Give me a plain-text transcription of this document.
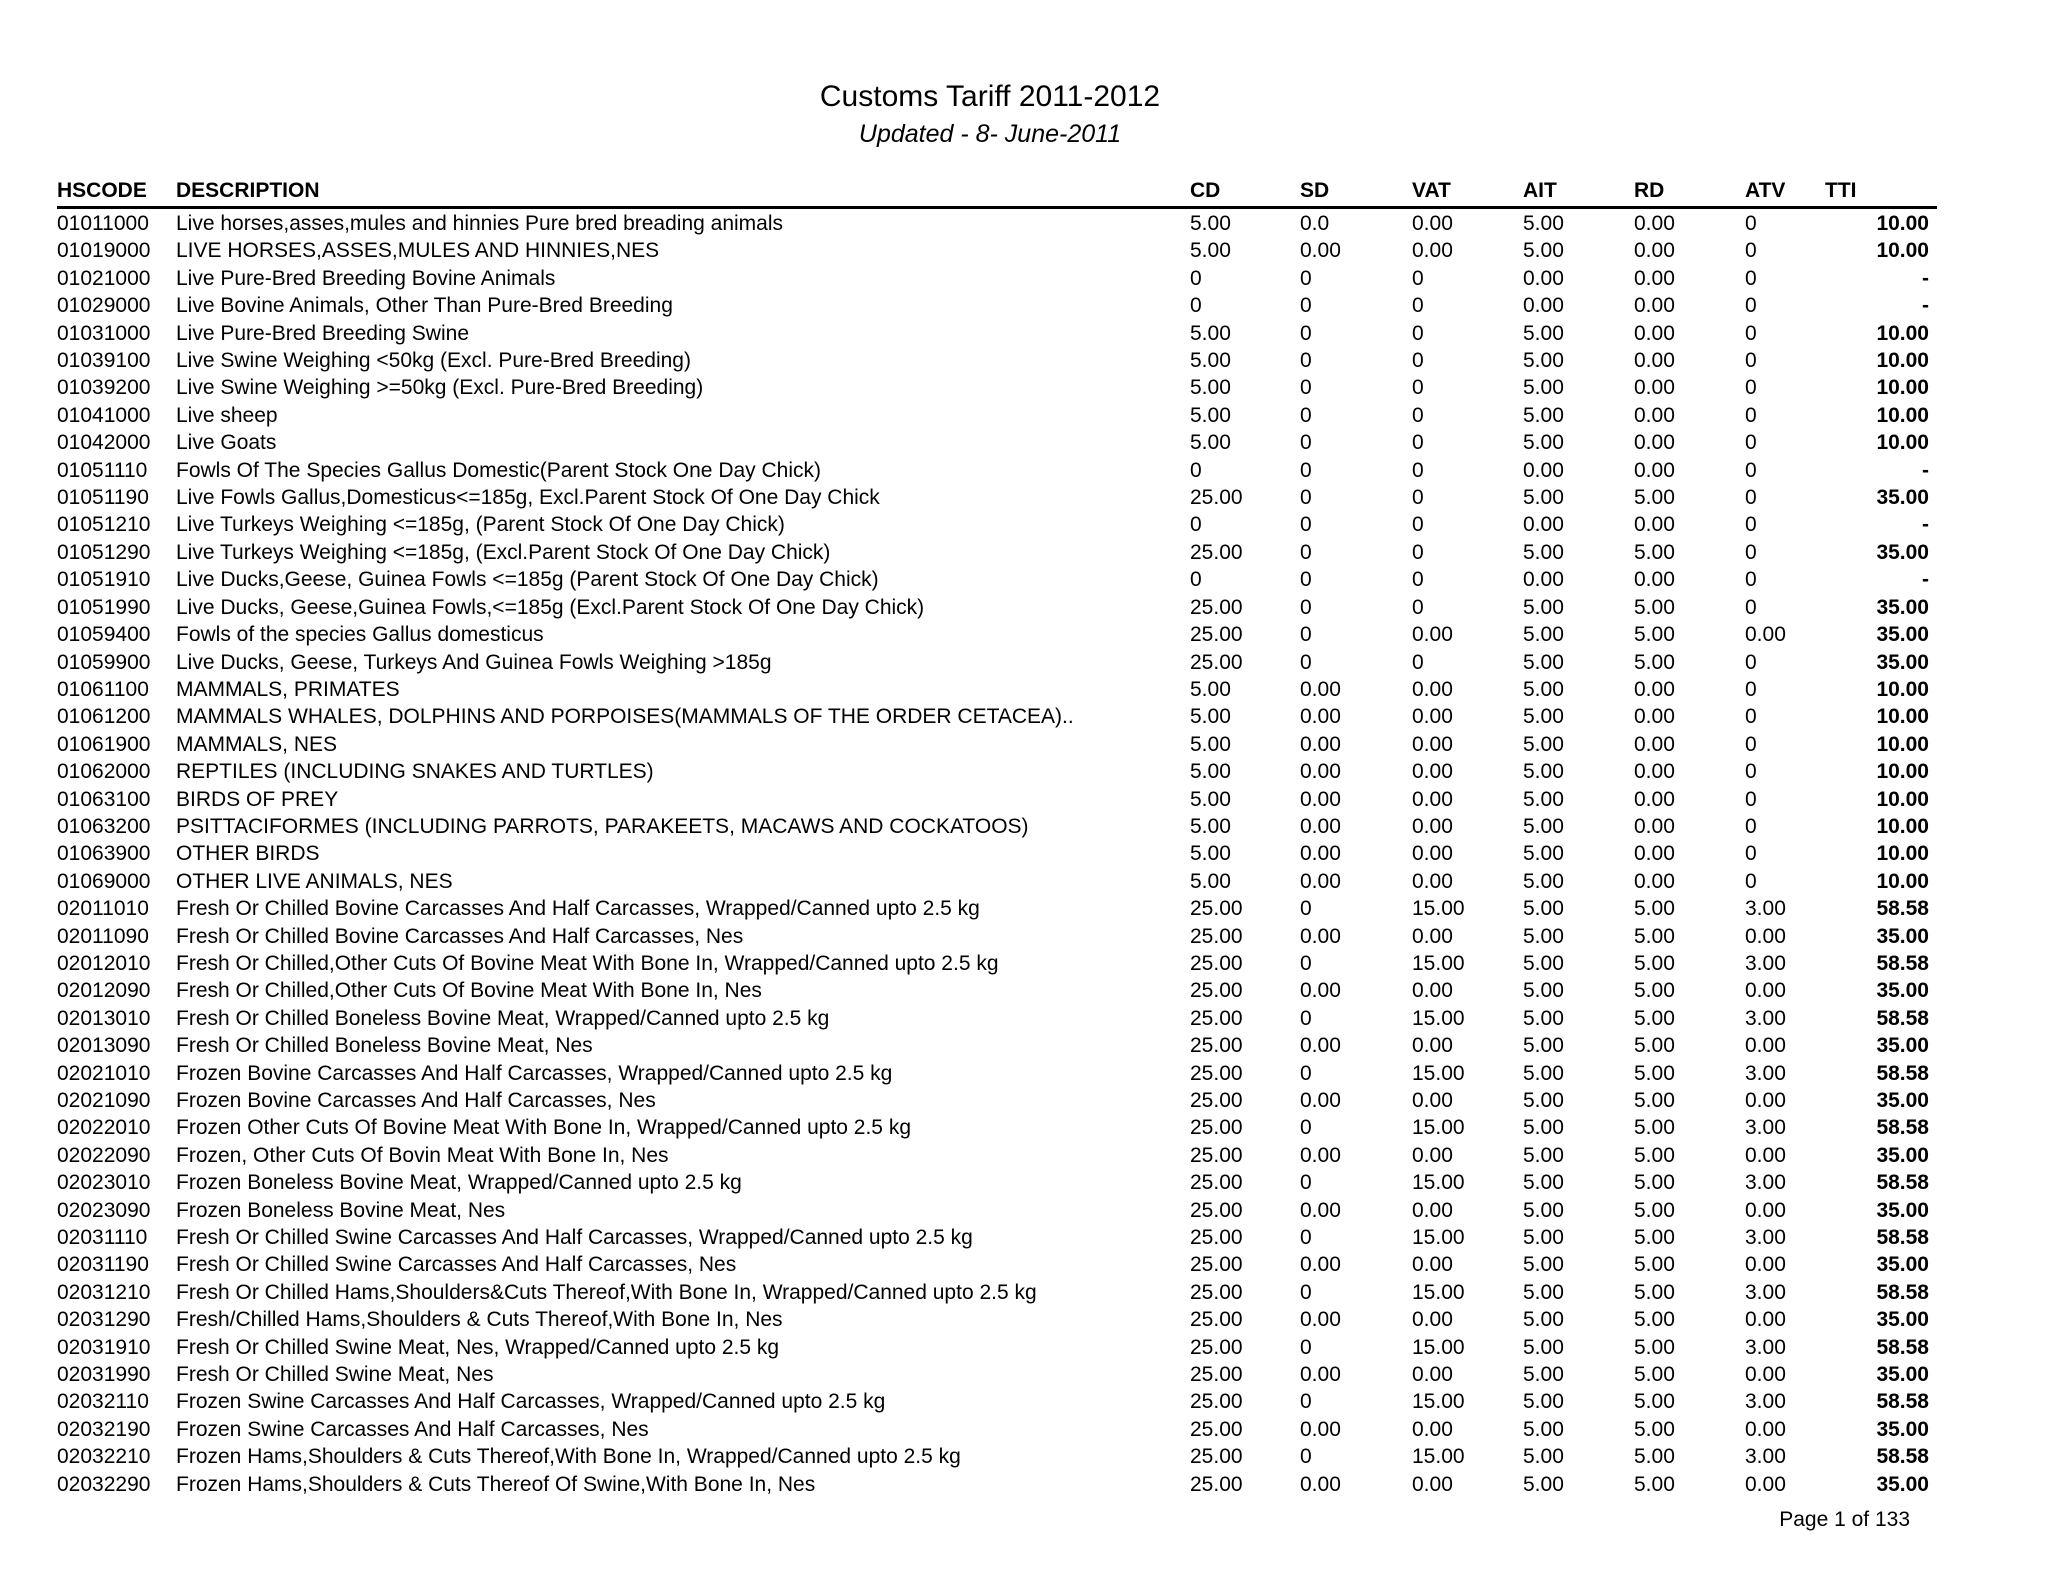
Customs Tariff 2011-2012
Updated - 8- June-2011
HSCODE DESCRIPTION	CD	SD	VAT	AIT	RD	ATV TTI
01011000 Live horses,asses,mules and hinnies Pure bred breading animals	5.00	0.0	0.00	5.00	0.00	0	10.00
01019000 LIVE HORSES,ASSES,MULES AND HINNIES,NES	5.00	0.00	0.00	5.00	0.00	0	10.00
01021000 Live Pure-Bred Breeding Bovine Animals	0	0	0	0.00	0.00	0	-
01029000 Live Bovine Animals, Other Than Pure-Bred Breeding	0	0	0	0.00	0.00	0	-
01031000 Live Pure-Bred Breeding Swine	5.00	0	0	5.00	0.00	0	10.00
01039100 Live Swine Weighing <50kg (Excl. Pure-Bred Breeding)	5.00	0	0	5.00	0.00	0	10.00
01039200 Live Swine Weighing >=50kg (Excl. Pure-Bred Breeding)	5.00	0	0	5.00	0.00	0	10.00
01041000 Live sheep	5.00	0	0	5.00	0.00	0	10.00
01042000 Live Goats	5.00	0	0	5.00	0.00	0	10.00
01051110 Fowls Of The Species Gallus Domestic(Parent Stock One Day Chick)	0	0	0	0.00	0.00	0	-
01051190 Live Fowls Gallus,Domesticus<=185g, Excl.Parent Stock Of One Day Chick	25.00	0	0	5.00	5.00	0	35.00
01051210 Live Turkeys Weighing <=185g, (Parent Stock Of One Day Chick)	0	0	0	0.00	0.00	0	-
01051290 Live Turkeys Weighing <=185g, (Excl.Parent Stock Of One Day Chick)	25.00	0	0	5.00	5.00	0	35.00
01051910 Live Ducks,Geese, Guinea Fowls <=185g (Parent Stock Of One Day Chick)	0	0	0	0.00	0.00	0	-
01051990 Live Ducks, Geese,Guinea Fowls,<=185g (Excl.Parent Stock Of One Day Chick)	25.00	0	0	5.00	5.00	0	35.00
01059400 Fowls of the species Gallus domesticus	25.00	0	0.00	5.00	5.00	0.00	35.00
01059900 Live Ducks, Geese, Turkeys And Guinea Fowls Weighing >185g	25.00	0	0	5.00	5.00	0	35.00
01061100 MAMMALS, PRIMATES	5.00	0.00	0.00	5.00	0.00	0	10.00
01061200 MAMMALS WHALES, DOLPHINS AND PORPOISES(MAMMALS OF THE ORDER CETACEA)..	5.00	0.00	0.00	5.00	0.00	0	10.00
01061900 MAMMALS, NES	5.00	0.00	0.00	5.00	0.00	0	10.00
01062000 REPTILES (INCLUDING SNAKES AND TURTLES)	5.00	0.00	0.00	5.00	0.00	0	10.00
01063100 BIRDS OF PREY	5.00	0.00	0.00	5.00	0.00	0	10.00
01063200 PSITTACIFORMES (INCLUDING PARROTS, PARAKEETS, MACAWS AND COCKATOOS)	5.00	0.00	0.00	5.00	0.00	0	10.00
01063900 OTHER BIRDS	5.00	0.00	0.00	5.00	0.00	0	10.00
01069000 OTHER LIVE ANIMALS, NES	5.00	0.00	0.00	5.00	0.00	0	10.00
02011010 Fresh Or Chilled Bovine Carcasses And Half Carcasses, Wrapped/Canned upto 2.5 kg	25.00	0	15.00	5.00	5.00	3.00	58.58
02011090 Fresh Or Chilled Bovine Carcasses And Half Carcasses, Nes	25.00	0.00	0.00	5.00	5.00	0.00	35.00
02012010 Fresh Or Chilled,Other Cuts Of Bovine Meat With Bone In, Wrapped/Canned upto 2.5 kg	25.00	0	15.00	5.00	5.00	3.00	58.58
02012090 Fresh Or Chilled,Other Cuts Of Bovine Meat With Bone In, Nes	25.00	0.00	0.00	5.00	5.00	0.00	35.00
02013010 Fresh Or Chilled Boneless Bovine Meat, Wrapped/Canned upto 2.5 kg	25.00	0	15.00	5.00	5.00	3.00	58.58
02013090 Fresh Or Chilled Boneless Bovine Meat, Nes	25.00	0.00	0.00	5.00	5.00	0.00	35.00
02021010 Frozen Bovine Carcasses And Half Carcasses, Wrapped/Canned upto 2.5 kg	25.00	0	15.00	5.00	5.00	3.00	58.58
02021090 Frozen Bovine Carcasses And Half Carcasses, Nes	25.00	0.00	0.00	5.00	5.00	0.00	35.00
02022010 Frozen Other Cuts Of Bovine Meat With Bone In, Wrapped/Canned upto 2.5 kg	25.00	0	15.00	5.00	5.00	3.00	58.58
02022090 Frozen, Other Cuts Of Bovin Meat With Bone In, Nes	25.00	0.00	0.00	5.00	5.00	0.00	35.00
02023010 Frozen Boneless Bovine Meat, Wrapped/Canned upto 2.5 kg	25.00	0	15.00	5.00	5.00	3.00	58.58
02023090 Frozen Boneless Bovine Meat, Nes	25.00	0.00	0.00	5.00	5.00	0.00	35.00
02031110 Fresh Or Chilled Swine Carcasses And Half Carcasses, Wrapped/Canned upto 2.5 kg	25.00	0	15.00	5.00	5.00	3.00	58.58
02031190 Fresh Or Chilled Swine Carcasses And Half Carcasses, Nes	25.00	0.00	0.00	5.00	5.00	0.00	35.00
02031210 Fresh Or Chilled Hams,Shoulders&Cuts Thereof,With Bone In, Wrapped/Canned upto 2.5 kg	25.00	0	15.00	5.00	5.00	3.00	58.58
02031290 Fresh/Chilled Hams,Shoulders & Cuts Thereof,With Bone In, Nes	25.00	0.00	0.00	5.00	5.00	0.00	35.00
02031910 Fresh Or Chilled Swine Meat, Nes, Wrapped/Canned upto 2.5 kg	25.00	0	15.00	5.00	5.00	3.00	58.58
02031990 Fresh Or Chilled Swine Meat, Nes	25.00	0.00	0.00	5.00	5.00	0.00	35.00
02032110 Frozen Swine Carcasses And Half Carcasses, Wrapped/Canned upto 2.5 kg	25.00	0	15.00	5.00	5.00	3.00	58.58
02032190 Frozen Swine Carcasses And Half Carcasses, Nes	25.00	0.00	0.00	5.00	5.00	0.00	35.00
02032210 Frozen Hams,Shoulders & Cuts Thereof,With Bone In, Wrapped/Canned upto 2.5 kg	25.00	0	15.00	5.00	5.00	3.00	58.58
02032290 Frozen Hams,Shoulders & Cuts Thereof Of Swine,With Bone In, Nes	25.00	0.00	0.00	5.00	5.00	0.00	35.00
Page 1 of 133
